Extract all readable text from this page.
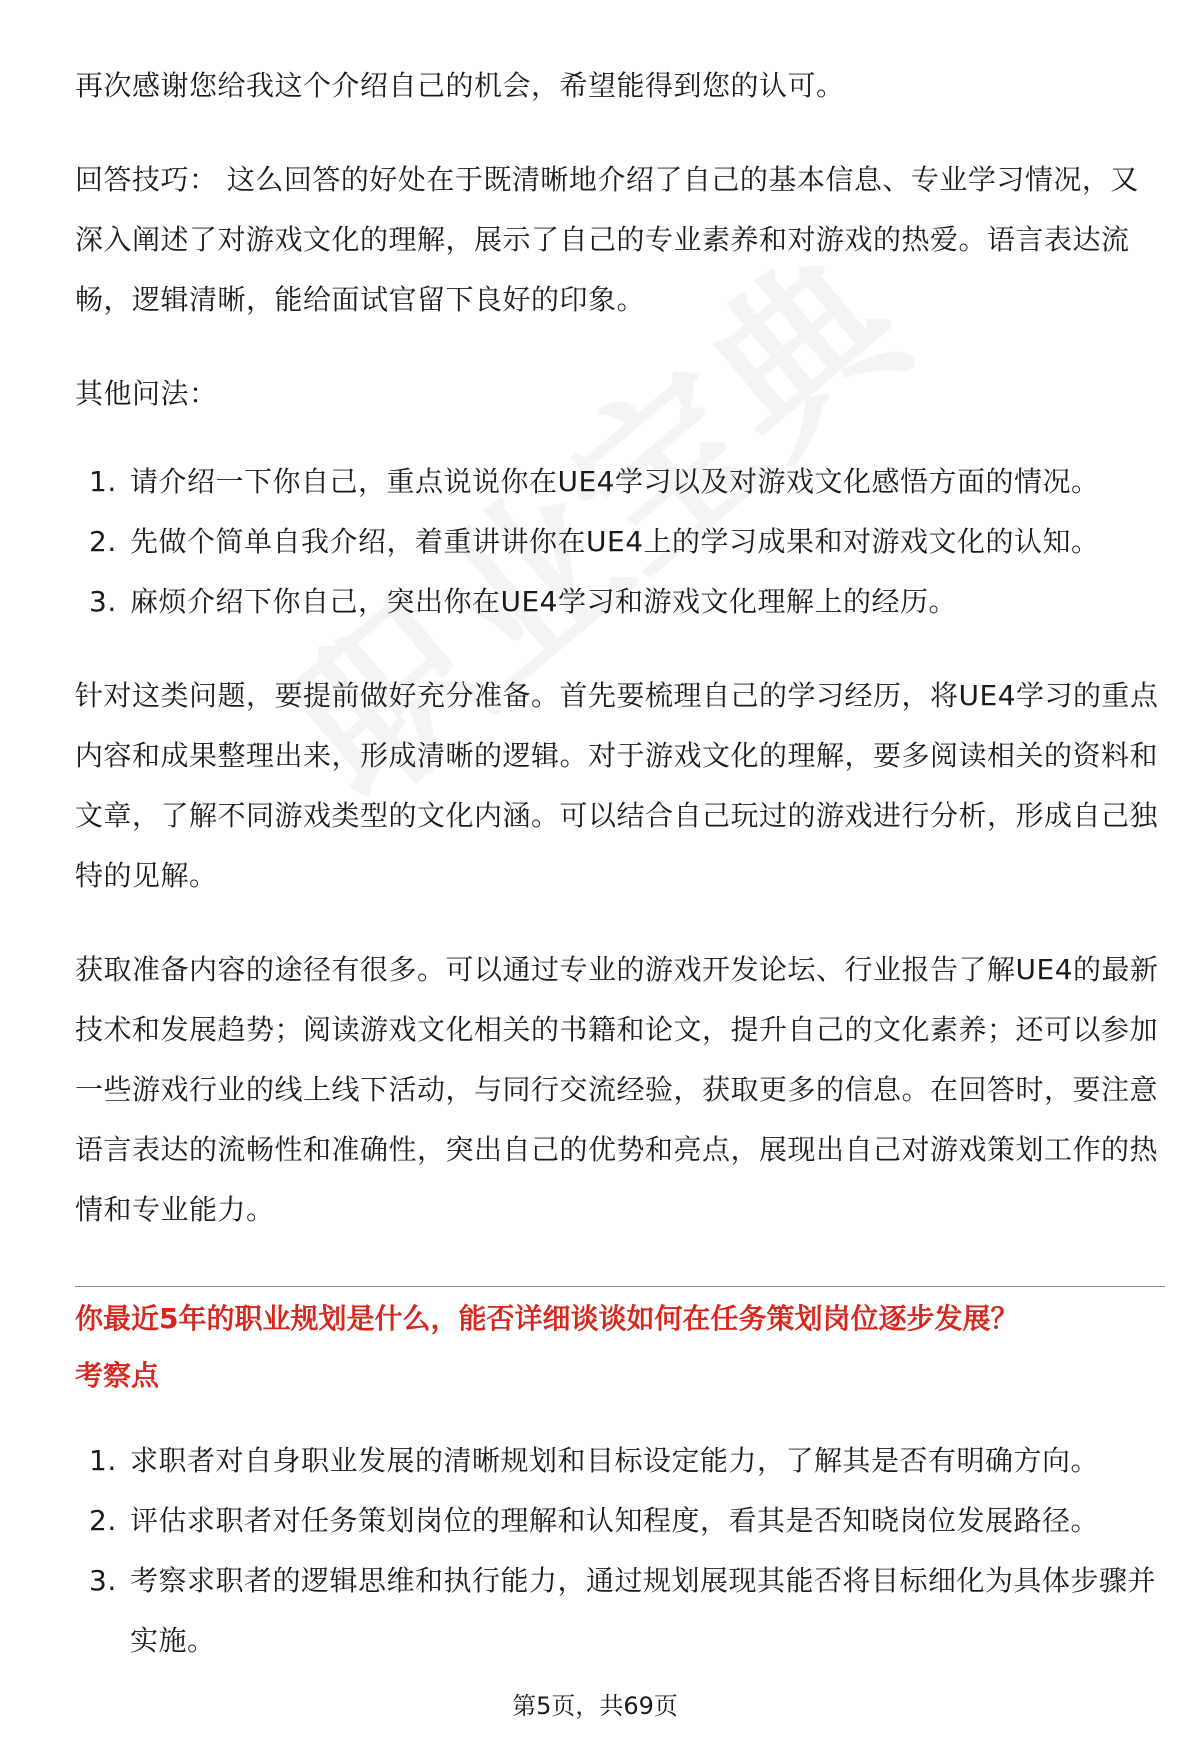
再次感谢您给我这个介绍自己的机会，希望能得到您的认可。

回答技巧： 这么回答的好处在于既清晰地介绍了自己的基本信息、专业学习情况，又深入阐述了对游戏文化的理解，展示了自己的专业素养和对游戏的热爱。语言表达流畅，逻辑清晰，能给面试官留下良好的印象。

其他问法：

1. 请介绍一下你自己，重点说说你在UE4学习以及对游戏文化感悟方面的情况。
2. 先做个简单自我介绍，着重讲讲你在UE4上的学习成果和对游戏文化的认知。
3. 麻烦介绍下你自己，突出你在UE4学习和游戏文化理解上的经历。

针对这类问题，要提前做好充分准备。首先要梳理自己的学习经历，将UE4学习的重点内容和成果整理出来，形成清晰的逻辑。对于游戏文化的理解，要多阅读相关的资料和文章，了解不同游戏类型的文化内涵。可以结合自己玩过的游戏进行分析，形成自己独特的见解。

获取准备内容的途径有很多。可以通过专业的游戏开发论坛、行业报告了解UE4的最新技术和发展趋势；阅读游戏文化相关的书籍和论文，提升自己的文化素养；还可以参加一些游戏行业的线上线下活动，与同行交流经验，获取更多的信息。在回答时，要注意语言表达的流畅性和准确性，突出自己的优势和亮点，展现出自己对游戏策划工作的热情和专业能力。

你最近5年的职业规划是什么，能否详细谈谈如何在任务策划岗位逐步发展？
考察点
1. 求职者对自身职业发展的清晰规划和目标设定能力，了解其是否有明确方向。
2. 评估求职者对任务策划岗位的理解和认知程度，看其是否知晓岗位发展路径。
3. 考察求职者的逻辑思维和执行能力，通过规划展现其能否将目标细化为具体步骤并实施。
第5页，共69页
